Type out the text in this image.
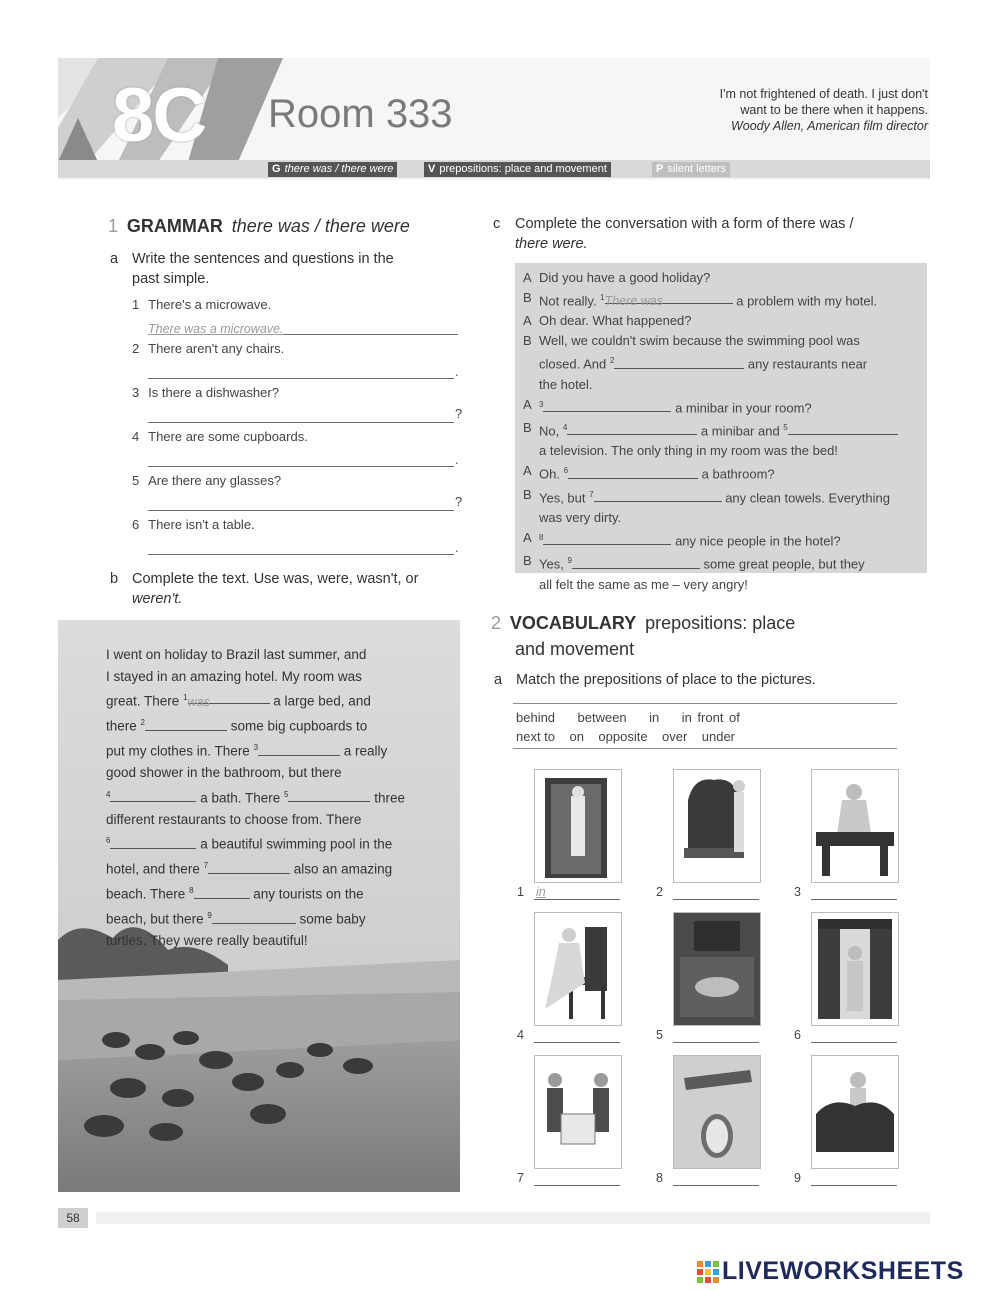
8C Room 333	I'm not frightened of death. I just don't
want to be there when it happens.
Woody Allen, American film director
G there was / there were	V prepositions: place and movement	P silent letters
1 GRAMMAR there was / there were
a Write the sentences and questions in the
past simple.
1 There's a microwave.
There was a microwave.
2 There aren't any chairs.
.
3 Is there a dishwasher?
?
4 There are some cupboards.
.
5 Are there any glasses?
?
6 There isn't a table.
.
b Complete the text. Use was, were, wasn't, or
weren't.
I went on holiday to Brazil last summer, and
I stayed in an amazing hotel. My room was
great. There $^1$was	a large bed, and
there $^2$	some big cupboards to
put my clothes in. There $^3$	a really
good shower in the bathroom, but there
$^4$	a bath. There $^5$	three
different restaurants to choose from. There
$^6$	a beautiful swimming pool in the
hotel, and there $^7$	also an amazing
beach. There $^8$	any tourists on the
beach, but there $^9$	some baby
turtles. They were really beautiful!
c Complete the conversation with a form of there was /
there were.
A Did you have a good holiday?
B Not really. $^1$There was	a problem with my hotel.
A Oh dear. What happened?
B Well, we couldn't swim because the swimming pool was
closed. And $^2$	any restaurants near
the hotel.
A $^3$	a minibar in your room?
B No, $^4$	a minibar and $^5$
a television. The only thing in my room was the bed!
A Oh. $^6$	a bathroom?
B Yes, but $^7$	any clean towels. Everything
was very dirty.
A $^8$	any nice people in the hotel?
B Yes, $^9$	some great people, but they
all felt the same as me – very angry!
2 VOCABULARY prepositions: place
and movement
a Match the prepositions of place to the pictures.
behind between in in front of
next to on opposite over under
1 in	2	3
4	5	6
7	8	9
58
LIVEWORKSHEETS
